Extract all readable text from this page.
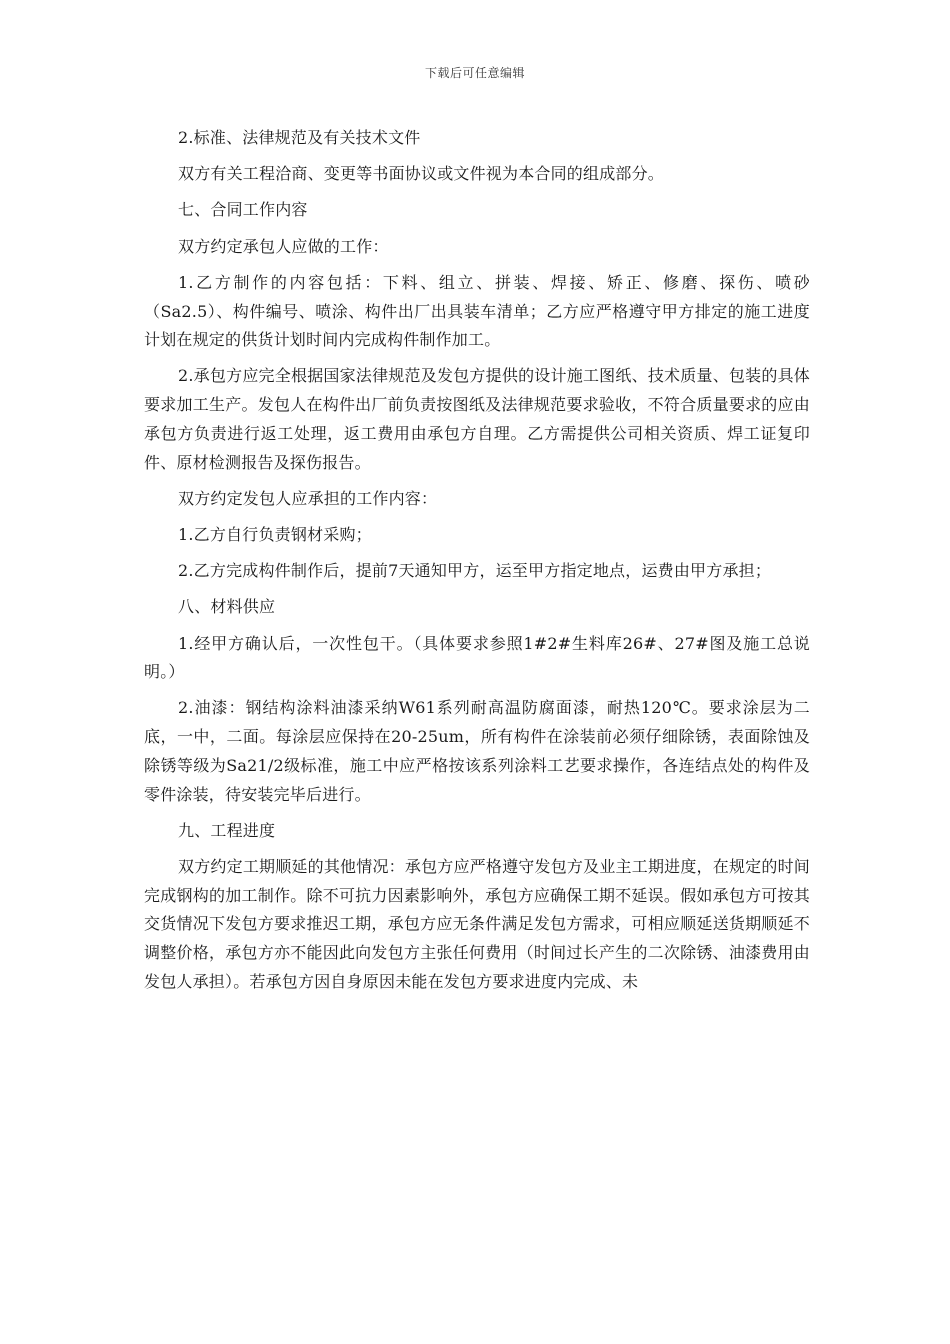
下载后可任意编辑

2.标准、法律规范及有关技术文件

双方有关工程洽商、变更等书面协议或文件视为本合同的组成部分。

七、合同工作内容

双方约定承包人应做的工作：

1.乙方制作的内容包括：下料、组立、拼装、焊接、矫正、修磨、探伤、喷砂（Sa2.5）、构件编号、喷涂、构件出厂出具装车清单；乙方应严格遵守甲方排定的施工进度计划在规定的供货计划时间内完成构件制作加工。

2.承包方应完全根据国家法律规范及发包方提供的设计施工图纸、技术质量、包装的具体要求加工生产。发包人在构件出厂前负责按图纸及法律规范要求验收，不符合质量要求的应由承包方负责进行返工处理，返工费用由承包方自理。乙方需提供公司相关资质、焊工证复印件、原材检测报告及探伤报告。

双方约定发包人应承担的工作内容：

1.乙方自行负责钢材采购；

2.乙方完成构件制作后，提前7天通知甲方，运至甲方指定地点，运费由甲方承担；

八、材料供应

1.经甲方确认后，一次性包干。（具体要求参照1#2#生料库26#、27#图及施工总说明。）

2.油漆：钢结构涂料油漆采纳W61系列耐高温防腐面漆，耐热120℃。要求涂层为二底，一中，二面。每涂层应保持在20-25um，所有构件在涂装前必须仔细除锈，表面除蚀及除锈等级为Sa21/2级标准，施工中应严格按该系列涂料工艺要求操作，各连结点处的构件及零件涂装，待安装完毕后进行。

九、工程进度

双方约定工期顺延的其他情况：承包方应严格遵守发包方及业主工期进度，在规定的时间完成钢构的加工制作。除不可抗力因素影响外，承包方应确保工期不延误。假如承包方可按其交货情况下发包方要求推迟工期，承包方应无条件满足发包方需求，可相应顺延送货期顺延不调整价格，承包方亦不能因此向发包方主张任何费用（时间过长产生的二次除锈、油漆费用由发包人承担）。若承包方因自身原因未能在发包方要求进度内完成、未
